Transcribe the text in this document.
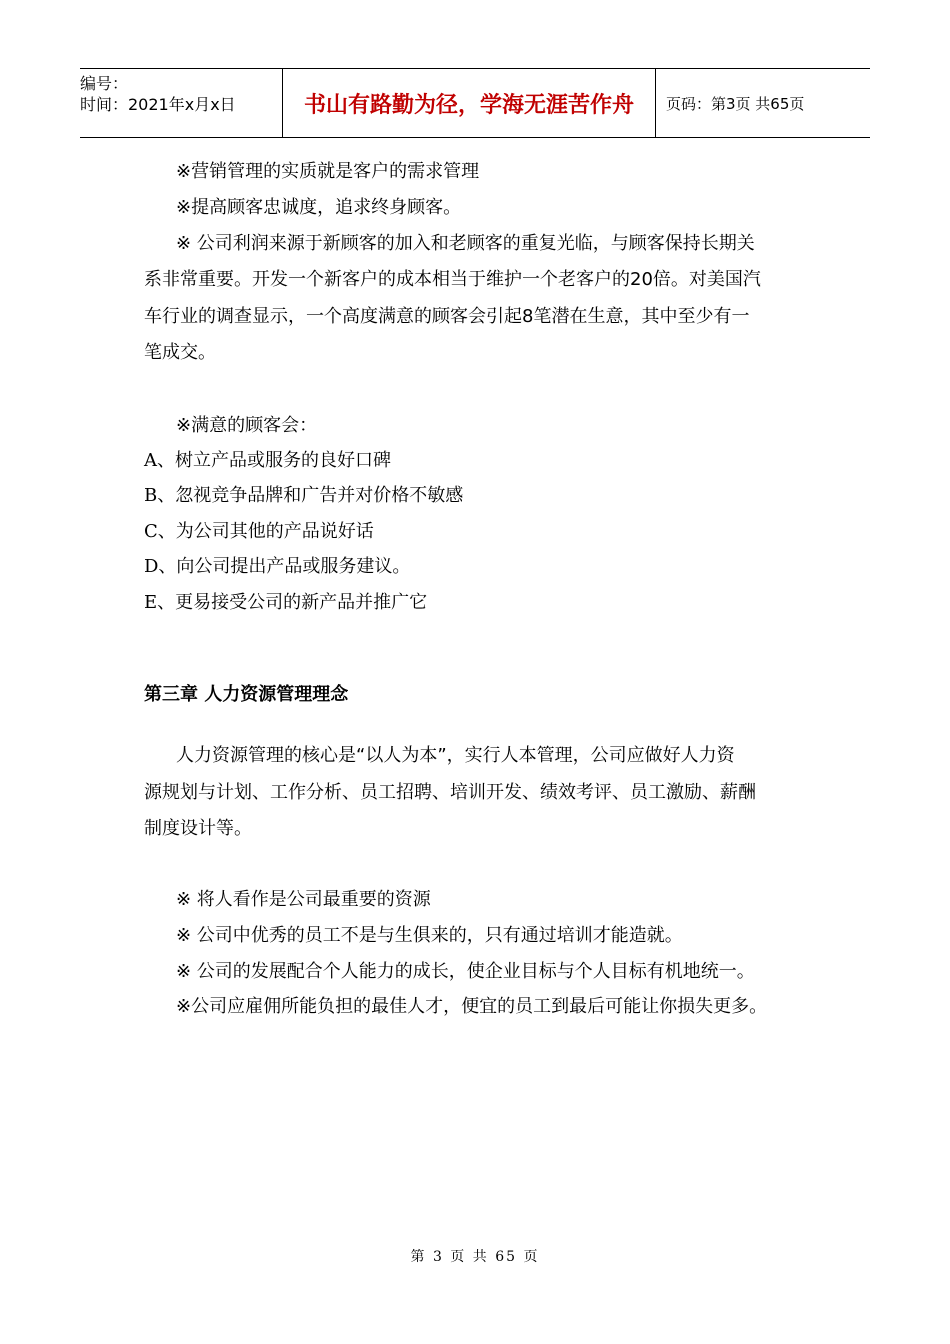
编号：
时间：2021年x月x日	书山有路勤为径，学海无涯苦作舟	页码：第3页 共65页
※营销管理的实质就是客户的需求管理
※提高顾客忠诚度，追求终身顾客。
※ 公司利润来源于新顾客的加入和老顾客的重复光临，与顾客保持长期关
系非常重要。开发一个新客户的成本相当于维护一个老客户的20倍。对美国汽
车行业的调查显示，一个高度满意的顾客会引起8笔潜在生意，其中至少有一
笔成交。
※满意的顾客会：
A、树立产品或服务的良好口碑
B、忽视竞争品牌和广告并对价格不敏感
C、为公司其他的产品说好话
D、向公司提出产品或服务建议。
E、更易接受公司的新产品并推广它
第三章 人力资源管理理念
人力资源管理的核心是“以人为本”，实行人本管理，公司应做好人力资
源规划与计划、工作分析、员工招聘、培训开发、绩效考评、员工激励、薪酬
制度设计等。
※ 将人看作是公司最重要的资源
※ 公司中优秀的员工不是与生俱来的，只有通过培训才能造就。
※ 公司的发展配合个人能力的成长，使企业目标与个人目标有机地统一。
※公司应雇佣所能负担的最佳人才，便宜的员工到最后可能让你损失更多。
第 3 页 共 65 页
